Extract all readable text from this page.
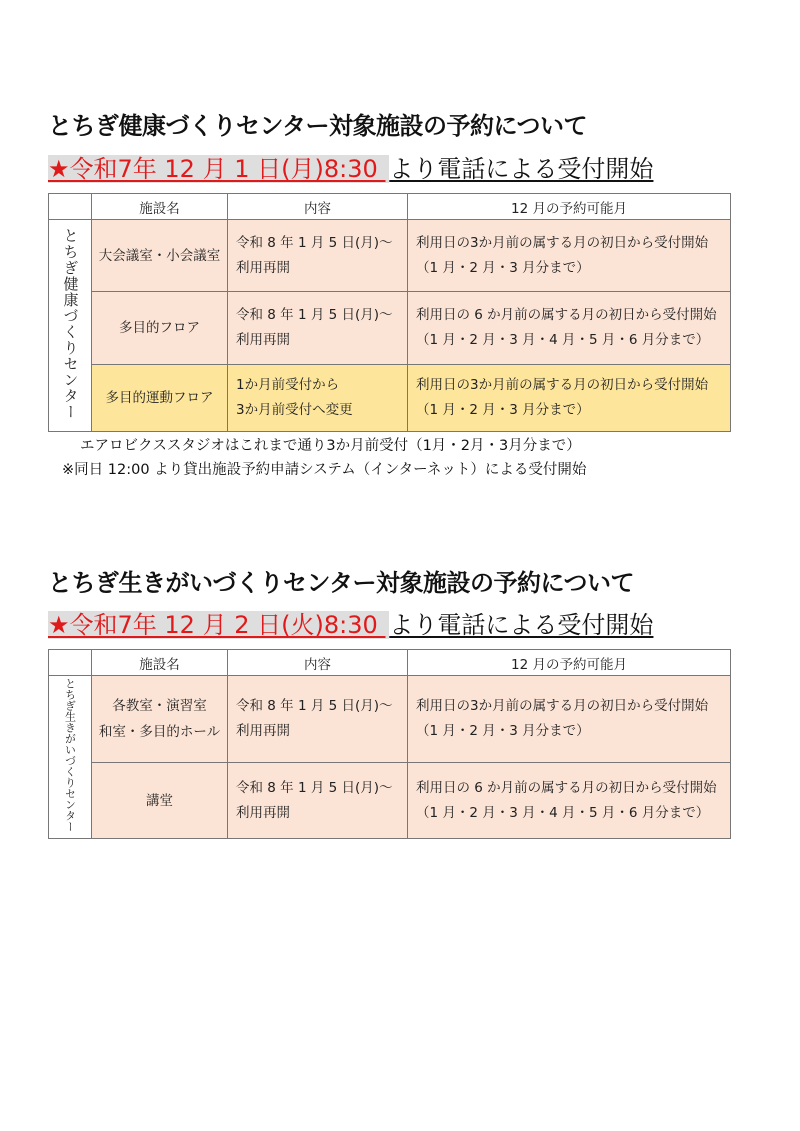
とちぎ健康づくりセンター対象施設の予約について
★令和7年 12 月 1 日(月)8:30 より電話による受付開始
	施設名	内容	12 月の予約可能月
とちぎ健康づくりセンター	大会議室・小会議室	令和 8 年 1 月 5 日(月)～
利用再開	利用日の3か月前の属する月の初日から受付開始
（1 月・2 月・3 月分まで）

	多目的フロア	令和 8 年 1 月 5 日(月)～
利用再開	利用日の 6 か月前の属する月の初日から受付開始
（1 月・2 月・3 月・4 月・5 月・6 月分まで）

	多目的運動フロア	1か月前受付から
3か月前受付へ変更	利用日の3か月前の属する月の初日から受付開始
（1 月・2 月・3 月分まで）
エアロビクススタジオはこれまで通り3か月前受付（1月・2月・3月分まで）
※同日 12:00 より貸出施設予約申請システム（インターネット）による受付開始
とちぎ生きがいづくりセンター対象施設の予約について
★令和7年 12 月 2 日(火)8:30 より電話による受付開始
	施設名	内容	12 月の予約可能月
とちぎ生きがいづくりセンター	各教室・演習室
和室・多目的ホール	令和 8 年 1 月 5 日(月)～
利用再開	利用日の3か月前の属する月の初日から受付開始
（1 月・2 月・3 月分まで）

	講堂	令和 8 年 1 月 5 日(月)～
利用再開	利用日の 6 か月前の属する月の初日から受付開始
（1 月・2 月・3 月・4 月・5 月・6 月分まで）
